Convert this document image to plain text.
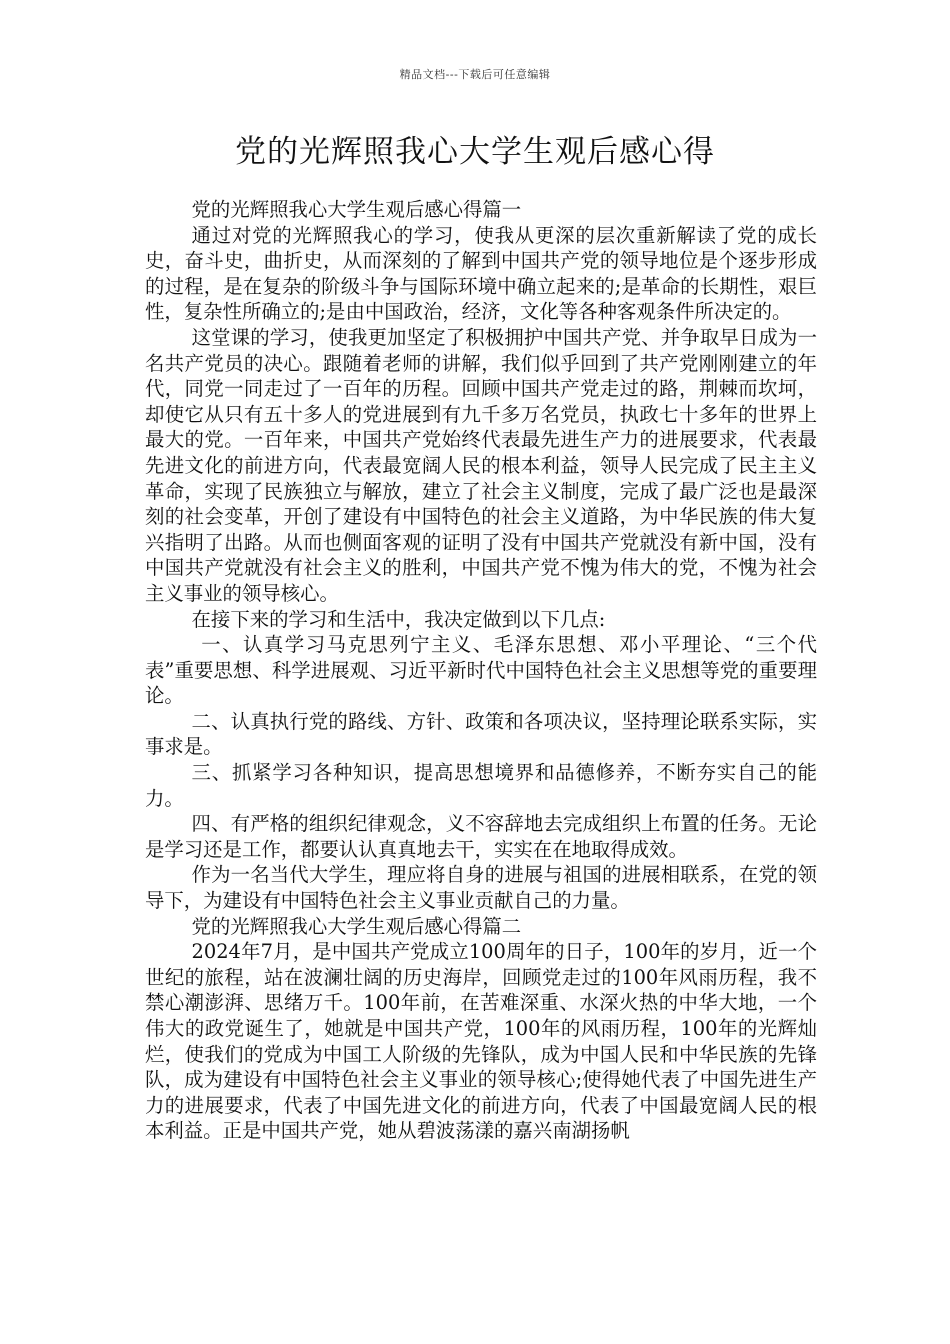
精品文档---下载后可任意编辑
党的光辉照我心大学生观后感心得

党的光辉照我心大学生观后感心得篇一

通过对党的光辉照我心的学习，使我从更深的层次重新解读了党的成长史，奋斗史，曲折史，从而深刻的了解到中国共产党的领导地位是个逐步形成的过程，是在复杂的阶级斗争与国际环境中确立起来的;是革命的长期性，艰巨性，复杂性所确立的;是由中国政治，经济，文化等各种客观条件所决定的。

这堂课的学习，使我更加坚定了积极拥护中国共产党、并争取早日成为一名共产党员的决心。跟随着老师的讲解，我们似乎回到了共产党刚刚建立的年代，同党一同走过了一百年的历程。回顾中国共产党走过的路，荆棘而坎坷，却使它从只有五十多人的党进展到有九千多万名党员，执政七十多年的世界上最大的党。一百年来，中国共产党始终代表最先进生产力的进展要求，代表最先进文化的前进方向，代表最宽阔人民的根本利益，领导人民完成了民主主义革命，实现了民族独立与解放，建立了社会主义制度，完成了最广泛也是最深刻的社会变革，开创了建设有中国特色的社会主义道路，为中华民族的伟大复兴指明了出路。从而也侧面客观的证明了没有中国共产党就没有新中国，没有中国共产党就没有社会主义的胜利，中国共产党不愧为伟大的党，不愧为社会主义事业的领导核心。

在接下来的学习和生活中，我决定做到以下几点:

一、认真学习马克思列宁主义、毛泽东思想、邓小平理论、“三个代表”重要思想、科学进展观、习近平新时代中国特色社会主义思想等党的重要理论。

二、认真执行党的路线、方针、政策和各项决议，坚持理论联系实际，实事求是。

三、抓紧学习各种知识，提高思想境界和品德修养，不断夯实自己的能力。

四、有严格的组织纪律观念，义不容辞地去完成组织上布置的任务。无论是学习还是工作，都要认认真真地去干，实实在在地取得成效。

作为一名当代大学生，理应将自身的进展与祖国的进展相联系，在党的领导下，为建设有中国特色社会主义事业贡献自己的力量。

党的光辉照我心大学生观后感心得篇二

2024年7月，是中国共产党成立100周年的日子，100年的岁月，近一个世纪的旅程，站在波澜壮阔的历史海岸，回顾党走过的100年风雨历程，我不禁心潮澎湃、思绪万千。100年前，在苦难深重、水深火热的中华大地，一个伟大的政党诞生了，她就是中国共产党，100年的风雨历程，100年的光辉灿烂，使我们的党成为中国工人阶级的先锋队，成为中国人民和中华民族的先锋队，成为建设有中国特色社会主义事业的领导核心;使得她代表了中国先进生产力的进展要求，代表了中国先进文化的前进方向，代表了中国最宽阔人民的根本利益。正是中国共产党，她从碧波荡漾的嘉兴南湖扬帆
